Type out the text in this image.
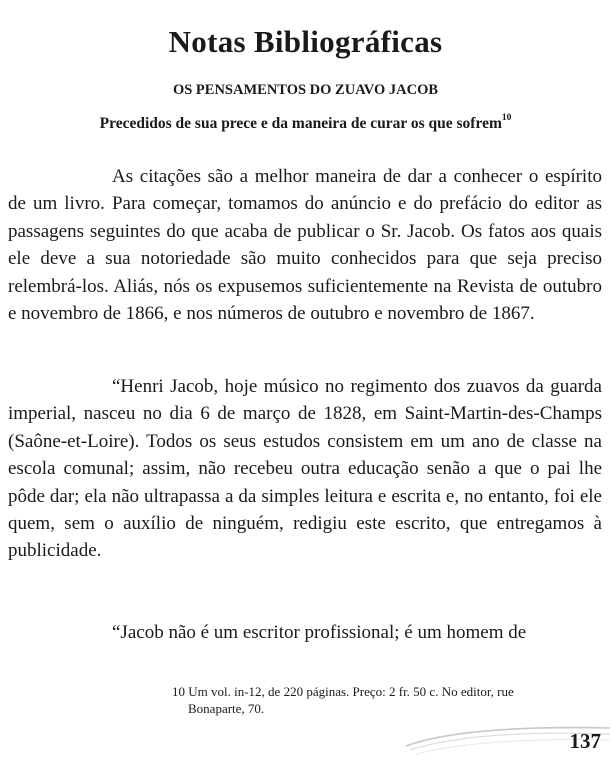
Notas Bibliográficas
OS PENSAMENTOS DO ZUAVO JACOB
Precedidos de sua prece e da maneira de curar os que sofrem$^{10}$

As citações são a melhor maneira de dar a conhecer o espírito de um livro. Para começar, tomamos do anúncio e do prefácio do editor as passagens seguintes do que acaba de publicar o Sr. Jacob. Os fatos aos quais ele deve a sua notoriedade são muito conhecidos para que seja preciso relembrá-los. Aliás, nós os expusemos suficientemente na Revista de outubro e novembro de 1866, e nos números de outubro e novembro de 1867.

“Henri Jacob, hoje músico no regimento dos zuavos da guarda imperial, nasceu no dia 6 de março de 1828, em Saint-Martin-des-Champs (Saône-et-Loire). Todos os seus estudos consistem em um ano de classe na escola comunal; assim, não recebeu outra educação senão a que o pai lhe pôde dar; ela não ultrapassa a da simples leitura e escrita e, no entanto, foi ele quem, sem o auxílio de ninguém, redigiu este escrito, que entregamos à publicidade.

“Jacob não é um escritor profissional; é um homem de

10 Um vol. in-12, de 220 páginas. Preço: 2 fr. 50 c. No editor, rue
Bonaparte, 70.
137
